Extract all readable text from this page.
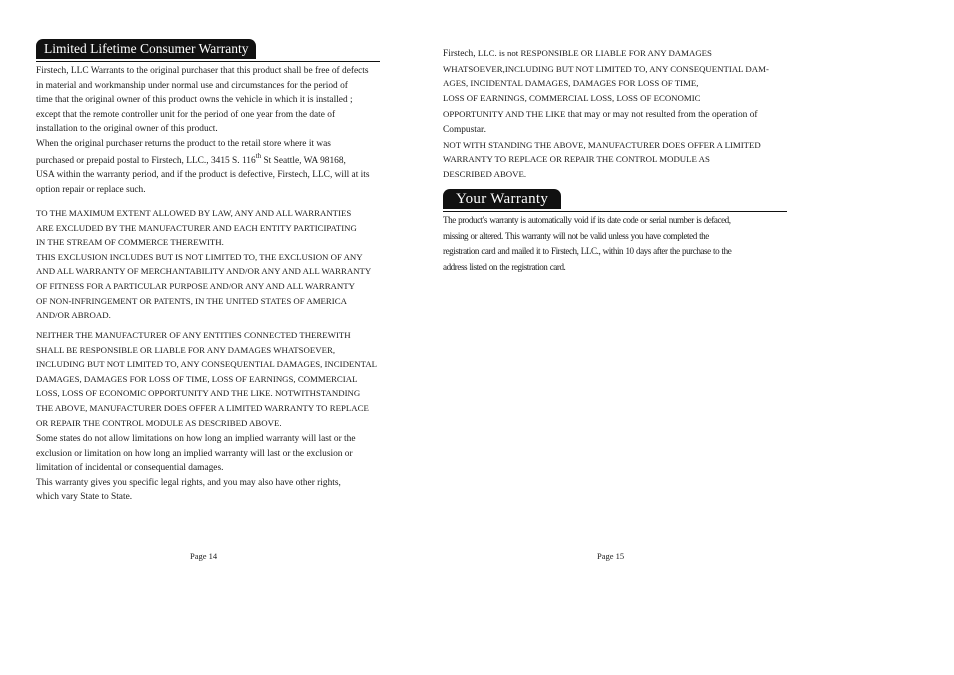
Limited Lifetime Consumer Warranty

Firstech, LLC Warrants to the original purchaser that this product shall be free of defects

in material and workmanship under normal use and circumstances for the period of

time that the original owner of this product owns the vehicle in which it is installed ;

except that the remote controller unit for the period of one year from the date of

installation to the original owner of this product.

When the original purchaser returns the product to the retail store where it was

purchased or prepaid postal to Firstech, LLC., 3415 S. 116th St Seattle, WA 98168,

USA within the warranty period, and if the product is defective, Firstech, LLC, will at its

option repair or replace such.

TO THE MAXIMUM EXTENT ALLOWED BY LAW, ANY AND ALL WARRANTIES

ARE EXCLUDED BY THE MANUFACTURER AND EACH ENTITY PARTICIPATING

IN THE STREAM OF COMMERCE THEREWITH.

THIS EXCLUSION INCLUDES BUT IS NOT LIMITED TO, THE EXCLUSION OF ANY

AND ALL WARRANTY OF MERCHANTABILITY AND/OR ANY AND ALL WARRANTY

OF FITNESS FOR A PARTICULAR PURPOSE AND/OR ANY AND ALL WARRANTY

OF NON-INFRINGEMENT OR PATENTS, IN THE UNITED STATES OF AMERICA

AND/OR ABROAD.

NEITHER THE MANUFACTURER OF ANY ENTITIES CONNECTED THEREWITH

SHALL BE RESPONSIBLE OR LIABLE FOR ANY DAMAGES WHATSOEVER,

INCLUDING BUT NOT LIMITED TO, ANY CONSEQUENTIAL DAMAGES, INCIDENTAL

DAMAGES, DAMAGES FOR LOSS OF TIME, LOSS OF EARNINGS, COMMERCIAL

LOSS, LOSS OF ECONOMIC OPPORTUNITY AND THE LIKE. NOTWITHSTANDING

THE ABOVE, MANUFACTURER DOES OFFER A LIMITED WARRANTY TO REPLACE

OR REPAIR THE CONTROL MODULE AS DESCRIBED ABOVE.

Some states do not allow limitations on how long an implied warranty will last or the

exclusion or limitation on how long an implied warranty will last or the exclusion or

limitation of incidental or consequential damages.

This warranty gives you specific legal rights, and you may also have other rights,

which vary State to State.

Page 14

Firstech, LLC. is not RESPONSIBLE OR LIABLE FOR ANY DAMAGES

WHATSOEVER,INCLUDING BUT NOT LIMITED TO, ANY CONSEQUENTIAL DAM-

AGES, INCIDENTAL DAMAGES, DAMAGES FOR LOSS OF TIME,

LOSS OF EARNINGS, COMMERCIAL LOSS, LOSS OF ECONOMIC

OPPORTUNITY AND THE LIKE that may or may not resulted from the operation of

Compustar.

NOT WITH STANDING THE ABOVE, MANUFACTURER DOES OFFER A LIMITED

WARRANTY TO REPLACE OR REPAIR THE CONTROL MODULE AS

DESCRIBED ABOVE.

Your Warranty

The product's warranty is automatically void if its date code or serial number is defaced,

missing or altered. This warranty will not be valid unless you have completed the

registration card and mailed it to Firstech, LLC., within 10 days after the purchase to the

address listed on the registration card.

Page 15
